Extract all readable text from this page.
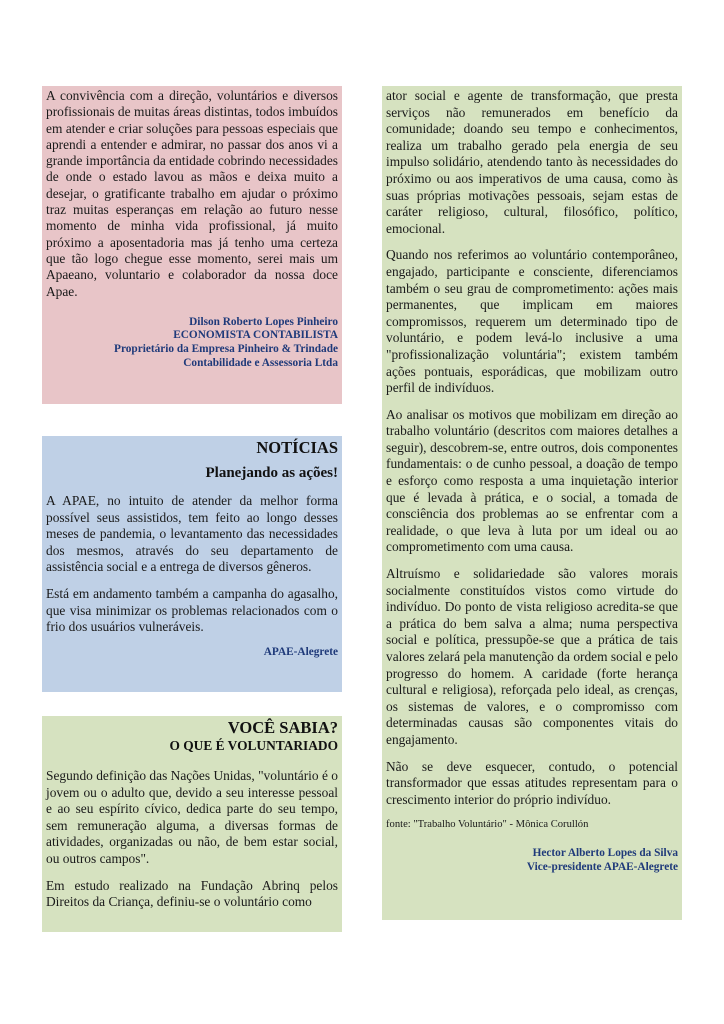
A convivência com a direção, voluntários e diversos profissionais de muitas áreas distintas, todos imbuídos em atender e criar soluções para pessoas especiais que aprendi a entender e admirar, no passar dos anos vi a grande importância da entidade cobrindo necessidades de onde o estado lavou as mãos e deixa muito a desejar, o gratificante trabalho em ajudar o próximo traz muitas esperanças em relação ao futuro nesse momento de minha vida profissional, já muito próximo a aposentadoria mas já tenho uma certeza que tão logo chegue esse momento, serei mais um Apaeano, voluntario e colaborador da nossa doce Apae.

Dilson Roberto Lopes Pinheiro
ECONOMISTA CONTABILISTA
Proprietário da Empresa Pinheiro & Trindade
Contabilidade e Assessoria Ltda
NOTÍCIAS
Planejando as ações!

A APAE, no intuito de atender da melhor forma possível seus assistidos, tem feito ao longo desses meses de pandemia, o levantamento das necessidades dos mesmos, através do seu departamento de assistência social e a entrega de diversos gêneros.

Está em andamento também a campanha do agasalho, que visa minimizar os problemas relacionados com o frio dos usuários vulneráveis.

APAE-Alegrete
VOCÊ SABIA?
O QUE É VOLUNTARIADO

Segundo definição das Nações Unidas, "voluntário é o jovem ou o adulto que, devido a seu interesse pessoal e ao seu espírito cívico, dedica parte do seu tempo, sem remuneração alguma, a diversas formas de atividades, organizadas ou não, de bem estar social, ou outros campos".

Em estudo realizado na Fundação Abrinq pelos Direitos da Criança, definiu-se o voluntário como

ator social e agente de transformação, que presta serviços não remunerados em benefício da comunidade; doando seu tempo e conhecimentos, realiza um trabalho gerado pela energia de seu impulso solidário, atendendo tanto às necessidades do próximo ou aos imperativos de uma causa, como às suas próprias motivações pessoais, sejam estas de caráter religioso, cultural, filosófico, político, emocional.

Quando nos referimos ao voluntário contemporâneo, engajado, participante e consciente, diferenciamos também o seu grau de comprometimento: ações mais permanentes, que implicam em maiores compromissos, requerem um determinado tipo de voluntário, e podem levá-lo inclusive a uma "profissionalização voluntária"; existem também ações pontuais, esporádicas, que mobilizam outro perfil de indivíduos.

Ao analisar os motivos que mobilizam em direção ao trabalho voluntário (descritos com maiores detalhes a seguir), descobrem-se, entre outros, dois componentes fundamentais: o de cunho pessoal, a doação de tempo e esforço como resposta a uma inquietação interior que é levada à prática, e o social, a tomada de consciência dos problemas ao se enfrentar com a realidade, o que leva à luta por um ideal ou ao comprometimento com uma causa.

Altruísmo e solidariedade são valores morais socialmente constituídos vistos como virtude do indivíduo. Do ponto de vista religioso acredita-se que a prática do bem salva a alma; numa perspectiva social e política, pressupõe-se que a prática de tais valores zelará pela manutenção da ordem social e pelo progresso do homem. A caridade (forte herança cultural e religiosa), reforçada pelo ideal, as crenças, os sistemas de valores, e o compromisso com determinadas causas são componentes vitais do engajamento.

Não se deve esquecer, contudo, o potencial transformador que essas atitudes representam para o crescimento interior do próprio indivíduo.

fonte: "Trabalho Voluntário" - Mônica Corullón
Hector Alberto Lopes da Silva
Vice-presidente APAE-Alegrete
